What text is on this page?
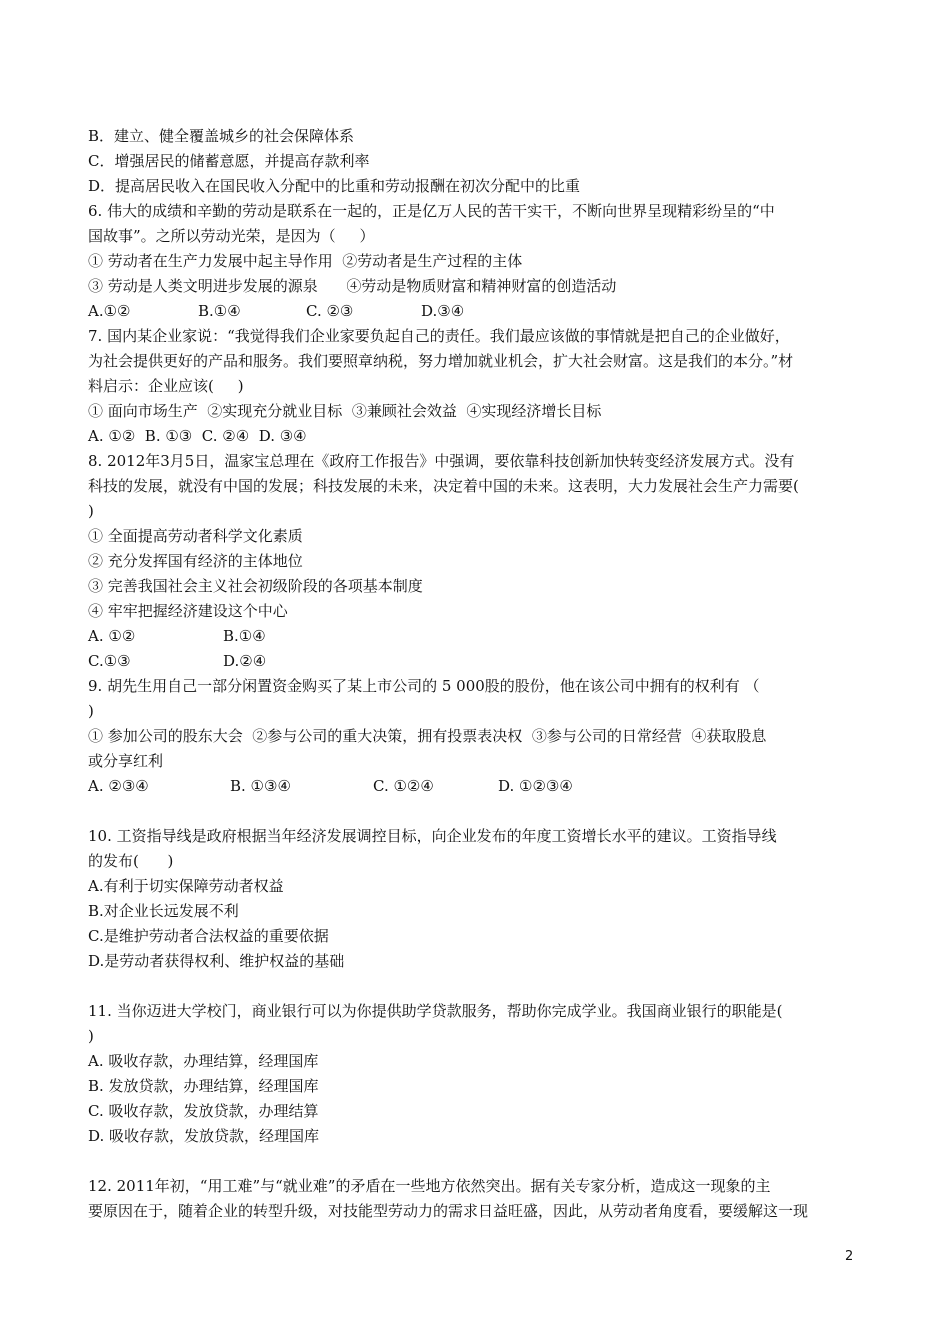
B．建立、健全覆盖城乡的社会保障体系
C．增强居民的储蓄意愿，并提高存款利率
D．提高居民收入在国民收入分配中的比重和劳动报酬在初次分配中的比重
6. 伟大的成绩和辛勤的劳动是联系在一起的，正是亿万人民的苦干实干，不断向世界呈现精彩纷呈的“中
国故事”。之所以劳动光荣，是因为（     ）
① 劳动者在生产力发展中起主导作用  ②劳动者是生产过程的主体
③ 劳动是人类文明进步发展的源泉      ④劳动是物质财富和精神财富的创造活动
A.①②	B.①④	C. ②③	D.③④
7. 国内某企业家说：“我觉得我们企业家要负起自己的责任。我们最应该做的事情就是把自己的企业做好，
为社会提供更好的产品和服务。我们要照章纳税，努力增加就业机会，扩大社会财富。这是我们的本分。”材
料启示：企业应该(     )
① 面向市场生产  ②实现充分就业目标  ③兼顾社会效益  ④实现经济增长目标
A. ①②  B. ①③  C. ②④  D. ③④
8. 2012年3月5日，温家宝总理在《政府工作报告》中强调，要依靠科技创新加快转变经济发展方式。没有
科技的发展，就没有中国的发展；科技发展的未来，决定着中国的未来。这表明，大力发展社会生产力需要(
)
① 全面提高劳动者科学文化素质
② 充分发挥国有经济的主体地位
③ 完善我国社会主义社会初级阶段的各项基本制度
④ 牢牢把握经济建设这个中心
A. ①②	B.①④
C.①③	D.②④
9. 胡先生用自己一部分闲置资金购买了某上市公司的 5 000股的股份，他在该公司中拥有的权利有 （
)
① 参加公司的股东大会  ②参与公司的重大决策，拥有投票表决权  ③参与公司的日常经营  ④获取股息
或分享红利
A. ②③④	B. ①③④	C. ①②④	D. ①②③④
10. 工资指导线是政府根据当年经济发展调控目标，向企业发布的年度工资增长水平的建议。工资指导线
的发布(      )
A.有利于切实保障劳动者权益
B.对企业长远发展不利
C.是维护劳动者合法权益的重要依据
D.是劳动者获得权利、维护权益的基础
11. 当你迈进大学校门，商业银行可以为你提供助学贷款服务，帮助你完成学业。我国商业银行的职能是(
)
A. 吸收存款，办理结算，经理国库
B. 发放贷款，办理结算，经理国库
C. 吸收存款，发放贷款，办理结算
D. 吸收存款，发放贷款，经理国库
12. 2011年初，“用工难”与“就业难”的矛盾在一些地方依然突出。据有关专家分析，造成这一现象的主
要原因在于，随着企业的转型升级，对技能型劳动力的需求日益旺盛，因此，从劳动者角度看，要缓解这一现
2
